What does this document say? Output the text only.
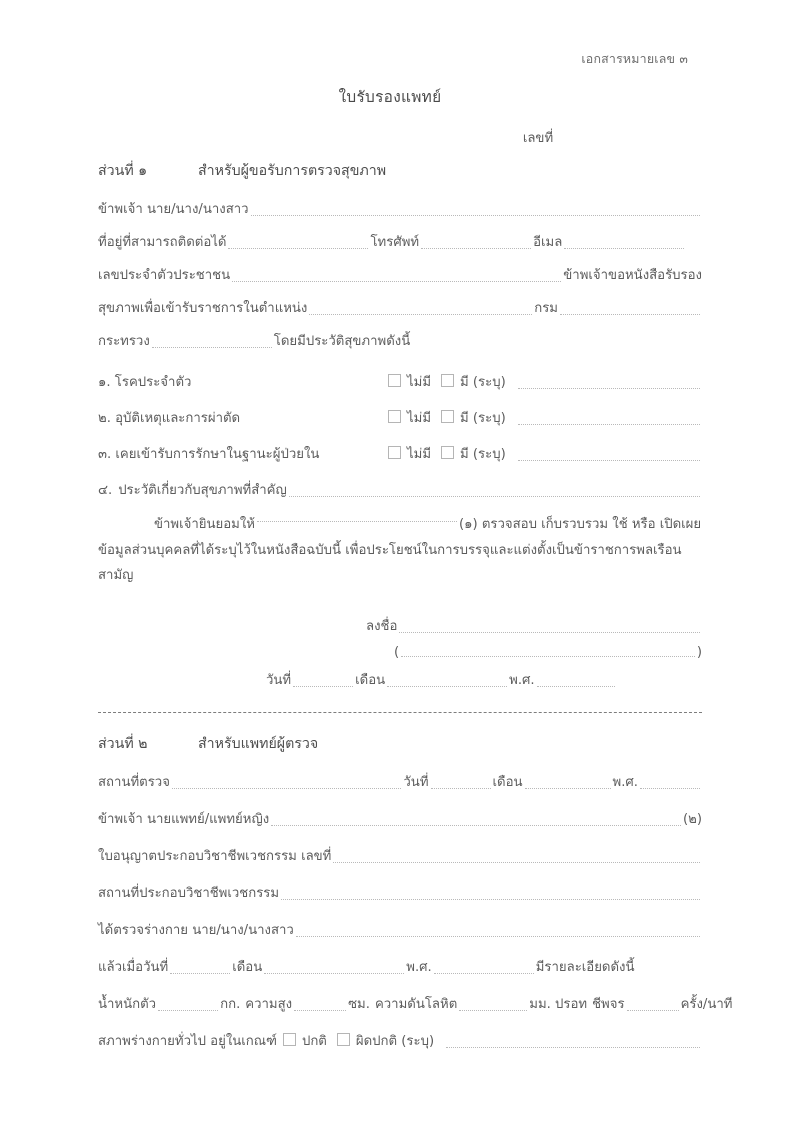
เอกสารหมายเลข ๓
ใบรับรองแพทย์
เลขที่
ส่วนที่ ๑	สำหรับผู้ขอรับการตรวจสุขภาพ
ข้าพเจ้า นาย/นาง/นางสาว
ที่อยู่ที่สามารถติดต่อได้	โทรศัพท์	อีเมล
เลขประจำตัวประชาชน	ข้าพเจ้าขอหนังสือรับรอง
สุขภาพเพื่อเข้ารับราชการในตำแหน่ง	กรม
กระทรวง	โดยมีประวัติสุขภาพดังนี้
๑. โรคประจำตัว	ไม่มี มี (ระบุ)
๒. อุบัติเหตุและการผ่าตัด	ไม่มี มี (ระบุ)
๓. เคยเข้ารับการรักษาในฐานะผู้ป่วยใน	ไม่มี มี (ระบุ)
๔. ประวัติเกี่ยวกับสุขภาพที่สำคัญ
ข้าพเจ้ายินยอมให้	(๑) ตรวจสอบ เก็บรวบรวม ใช้ หรือ เปิดเผยข้อมูลส่วนบุคคลที่ได้ระบุไว้ในหนังสือฉบับนี้ เพื่อประโยชน์ในการบรรจุและแต่งตั้งเป็นข้าราชการพลเรือนสามัญ
ลงชื่อ
(	)
วันที่	เดือน	พ.ศ.
ส่วนที่ ๒	สำหรับแพทย์ผู้ตรวจ
สถานที่ตรวจ	วันที่	เดือน	พ.ศ.
ข้าพเจ้า นายแพทย์/แพทย์หญิง	(๒)
ใบอนุญาตประกอบวิชาชีพเวชกรรม เลขที่
สถานที่ประกอบวิชาชีพเวชกรรม
ได้ตรวจร่างกาย นาย/นาง/นางสาว
แล้วเมื่อวันที่	เดือน	พ.ศ.	มีรายละเอียดดังนี้
น้ำหนักตัว	กก. ความสูง	ซม. ความดันโลหิต	มม. ปรอท ชีพจร	ครั้ง/นาที
สภาพร่างกายทั่วไป อยู่ในเกณฑ์ ปกติ ผิดปกติ (ระบุ)
